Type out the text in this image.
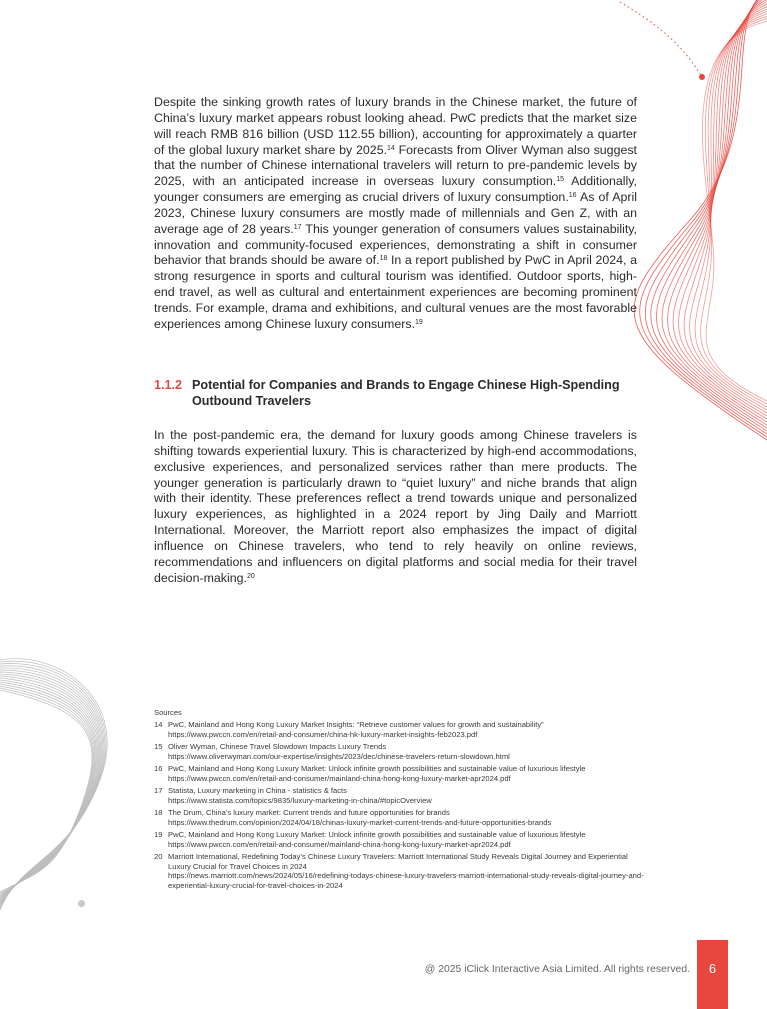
Despite the sinking growth rates of luxury brands in the Chinese market, the future of China’s luxury market appears robust looking ahead. PwC predicts that the market size will reach RMB 816 billion (USD 112.55 billion), accounting for approximately a quarter of the global luxury market share by 2025.14 Forecasts from Oliver Wyman also suggest that the number of Chinese international travelers will return to pre-pandemic levels by 2025, with an anticipated increase in overseas luxury consumption.$^{15}$ Additionally, younger consumers are emerging as crucial drivers of luxury consumption.$^{16}$ As of April 2023, Chinese luxury consumers are mostly made of millennials and Gen Z, with an average age of 28 years.$^{17}$ This younger generation of consumers values sustainability, innovation and community-focused experiences, demonstrating a shift in consumer behavior that brands should be aware of.$^{18}$ In a report published by PwC in April 2024, a strong resurgence in sports and cultural tourism was identified. Outdoor sports, high-end travel, as well as cultural and entertainment experiences are becoming prominent trends. For example, drama and exhibitions, and cultural venues are the most favorable experiences among Chinese luxury consumers.$^{19}$

1.1.2 Potential for Companies and Brands to Engage Chinese High-Spending Outbound Travelers

In the post-pandemic era, the demand for luxury goods among Chinese travelers is shifting towards experiential luxury. This is characterized by high-end accommodations, exclusive experiences, and personalized services rather than mere products. The younger generation is particularly drawn to “quiet luxury” and niche brands that align with their identity. These preferences reflect a trend towards unique and personalized luxury experiences, as highlighted in a 2024 report by Jing Daily and Marriott International. Moreover, the Marriott report also emphasizes the impact of digital influence on Chinese travelers, who tend to rely heavily on online reviews, recommendations and influencers on digital platforms and social media for their travel decision-making.$^{20}$

Sources
14 PwC, Mainland and Hong Kong Luxury Market Insights: “Retrieve customer values for growth and sustainability”
https://www.pwccn.com/en/retail-and-consumer/china-hk-luxury-market-insights-feb2023.pdf
15 Oliver Wyman, Chinese Travel Slowdown Impacts Luxury Trends
https://www.oliverwyman.com/our-expertise/insights/2023/dec/chinese-travelers-return-slowdown.html
16 PwC, Mainland and Hong Kong Luxury Market: Unlock infinite growth possibilities and sustainable value of luxurious lifestyle
https://www.pwccn.com/en/retail-and-consumer/mainland-china-hong-kong-luxury-market-apr2024.pdf
17 Statista, Luxury marketing in China - statistics & facts
https://www.statista.com/topics/9835/luxury-marketing-in-china/#topicOverview
18 The Drum, China’s luxury market: Current trends and future opportunities for brands
https://www.thedrum.com/opinion/2024/04/18/chinas-luxury-market-current-trends-and-future-opportunities-brands
19 PwC, Mainland and Hong Kong Luxury Market: Unlock infinite growth possibilities and sustainable value of luxurious lifestyle
https://www.pwccn.com/en/retail-and-consumer/mainland-china-hong-kong-luxury-market-apr2024.pdf
20 Marriott International, Redefining Today’s Chinese Luxury Travelers: Marriott International Study Reveals Digital Journey and Experiential Luxury Crucial for Travel Choices in 2024
https://news.marriott.com/news/2024/05/16/redefining-todays-chinese-luxury-travelers-marriott-international-study-reveals-digital-journey-and-experiential-luxury-crucial-for-travel-choices-in-2024
@ 2025 iClick Interactive Asia Limited. All rights reserved.	6
